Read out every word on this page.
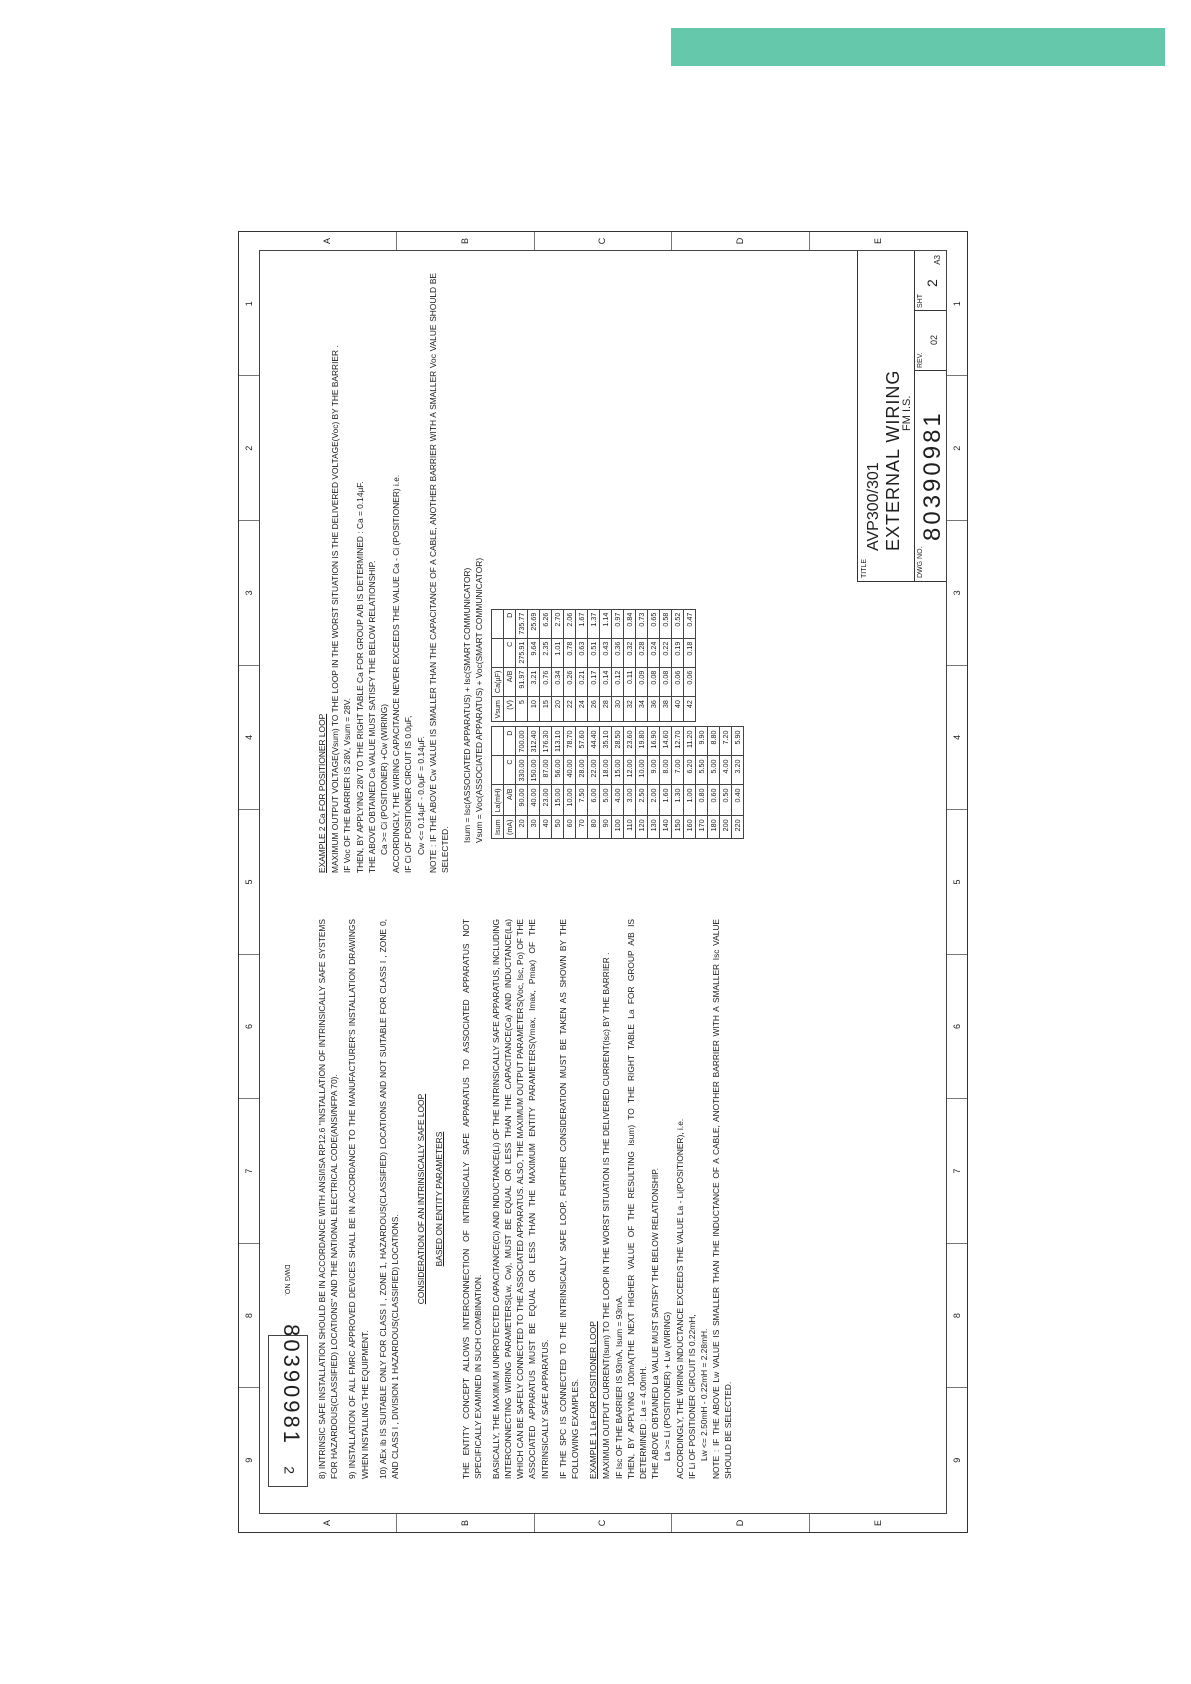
9
8
7
6
5
4
3
2
1
9
8
7
6
5
4
3
2
1
A	B	C	D	E
A	B	C	D	E
2
80390981
DWG NO.	8) INTRINSIC SAFE INSTALLATION SHOULD BE IN ACCORDANCE WITH ANSI/ISA RP12.6 "INSTALLATION OF INTRINSICALLY SAFE SYSTEMS FOR HAZARDOUS(CLASSIFIED) LOCATIONS" AND THE NATIONAL ELECTRICAL CODE(ANSI/NFPA 70). 9) INSTALLATION OF ALL FMRC APPROVED DEVICES SHALL BE IN ACCORDANCE TO THE MANUFACTURER'S INSTALLATION DRAWINGS WHEN INSTALLING THE EQUIPMENT. 10) AEx ib IS SUITABLE ONLY FOR CLASS I , ZONE 1, HAZARDOUS(CLASSIFIED) LOCATIONS AND NOT SUITABLE FOR CLASS I , ZONE 0, AND CLASS I , DIVISION 1 HAZARDOUS(CLASSIFIED) LOCATIONS.

CONSIDERATION OF AN INTRINSICALLY SAFE LOOP BASED ON ENTITY PARAMETERS THE ENTITY CONCEPT ALLOWS INTERCONNECTION OF INTRINSICALLY SAFE APPARATUS TO ASSOCIATED APPARATUS NOT SPECIFICALLY EXAMINED IN SUCH COMBINATION. BASICALLY, THE MAXIMUM UNPROTECTED CAPACITANCE(Ci) AND INDUCTANCE(Li) OF THE INTRINSICALLY SAFE APPARATUS, INCLUDING INTERCONNECTING WIRING PARAMETERS(Lw, Cw), MUST BE EQUAL OR LESS THAN THE CAPACITANCE(Ca) AND INDUCTANCE(La) WHICH CAN BE SAFELY CONNECTED TO THE ASSOCIATED APPARATUS. ALSO, THE MAXIMUM OUTPUT PARAMETERS(Voc, Isc, Po) OF THE ASSOCIATED APPARATUS MUST BE EQUAL OR LESS THAN THE MAXIMUM ENTITY PARAMETERS(Vmax, Imax, Pmax) OF THE INTRINSICALLY SAFE APPARATUS. IF THE SPC IS CONNECTED TO THE INTRINSICALLY SAFE LOOP, FURTHER CONSIDERATION MUST BE TAKEN AS SHOWN BY THE FOLLOWING EXAMPLES. EXAMPLE 1 La FOR POSITIONER LOOP MAXIMUM OUTPUT CURRENT(Isum) TO THE LOOP IN THE WORST SITUATION IS THE DELIVERED CURRENT(Isc) BY THE BARRIER . IF Isc OF THE BARRIER IS 93mA, Isum = 93mA. THEN, BY APPLYING 100mA(THE NEXT HIGHER VALUE OF THE RESULTING Isum) TO THE RIGHT TABLE La FOR GROUP A/B IS DETERMINED : La = 4.00mH. THE ABOVE OBTAINED La VALUE MUST SATISFY THE BELOW RELATIONSHIP. La >= Li (POSITIONER) + Lw (WIRING) ACCORDINGLY, THE WIRING INDUCTANCE EXCEEDS THE VALUE La - Li(POSITIONER), i.e. IF Li OF POSITIONER CIRCUIT IS 0.22mH, Lw <= 2.50mH - 0.22mH = 2.28mH. NOTE : IF THE ABOVE Lw VALUE IS SMALLER THAN THE INDUCTANCE OF A CABLE, ANOTHER BARRIER WITH A SMALLER Isc VALUE SHOULD BE SELECTED.

EXAMPLE 2 Ca FOR POSITIONER LOOP MAXIMUM OUTPUT VOLTAGE(Vsum) TO THE LOOP IN THE WORST SITUATION IS THE DELIVERED VOLTAGE(Voc) BY THE BARRIER . IF Voc OF THE BARRIER IS 28V, Vsum = 28V. THEN, BY APPLYING 28V TO THE RIGHT TABLE Ca FOR GROUP A/B IS DETERMINED : Ca = 0.14µF. THE ABOVE OBTAINED Ca VALUE MUST SATISFY THE BELOW RELATIONSHIP. Ca >= Ci (POSITIONER) +Cw (WIRING) ACCORDINGLY, THE WIRING CAPACITANCE NEVER EXCEEDS THE VALUE Ca - Ci (POSITIONER) i.e. IF Ci OF POSITIONER CIRCUIT IS 0.0µF, Cw <= 0.14µF - 0.0µF = 0.14µF. NOTE : IF THE ABOVE Cw VALUE IS SMALLER THAN THE CAPACITANCE OF A CABLE, ANOTHER BARRIER WITH A SMALLER Voc VALUE SHOULD BE SELECTED.

Isum = Isc(ASSOCIATED APPARATUS) + Isc(SMART COMMUNICATOR) Vsum = Voc(ASSOCIATED APPARATUS) + Voc(SMART COMMUNICATOR) Isum	La(mH)		
(mA)	A/B	C	D
20	90.00	330.00	700.00
30	40.00	150.00	312.40
40	23.00	87.00	176.30
50	15.00	56.00	113.10
60	10.00	40.00	78.70
70	7.50	28.00	57.60
80	6.00	22.00	44.40
90	5.00	18.00	35.10
100	4.00	15.00	28.50
110	3.00	12.00	23.60
120	2.50	10.00	19.80
130	2.00	9.00	16.90
140	1.60	8.00	14.60
150	1.30	7.00	12.70
160	1.00	6.20	11.20
170	0.80	5.50	9.90
180	0.60	5.00	8.80
200	0.50	4.00	7.20
220	0.40	3.20	5.90
Vsum	Ca(µF)		
(V)	A/B	C	D
5	91.97	275.91	735.77
10	3.21	9.64	25.69
15	0.76	2.35	6.26
20	0.34	1.01	2.70
22	0.26	0.78	2.06
24	0.21	0.63	1.67
26	0.17	0.51	1.37
28	0.14	0.43	1.14
30	0.12	0.36	0.97
32	0.11	0.32	0.84
34	0.09	0.28	0.73
36	0.08	0.24	0.65
38	0.08	0.22	0.58
40	0.06	0.19	0.52
42	0.06	0.18	0.47
TITLE
AVP300/301 EXTERNAL WIRING
FM I.S.
DWG NO.
80390981
REV.
02
SHT
2
A3
